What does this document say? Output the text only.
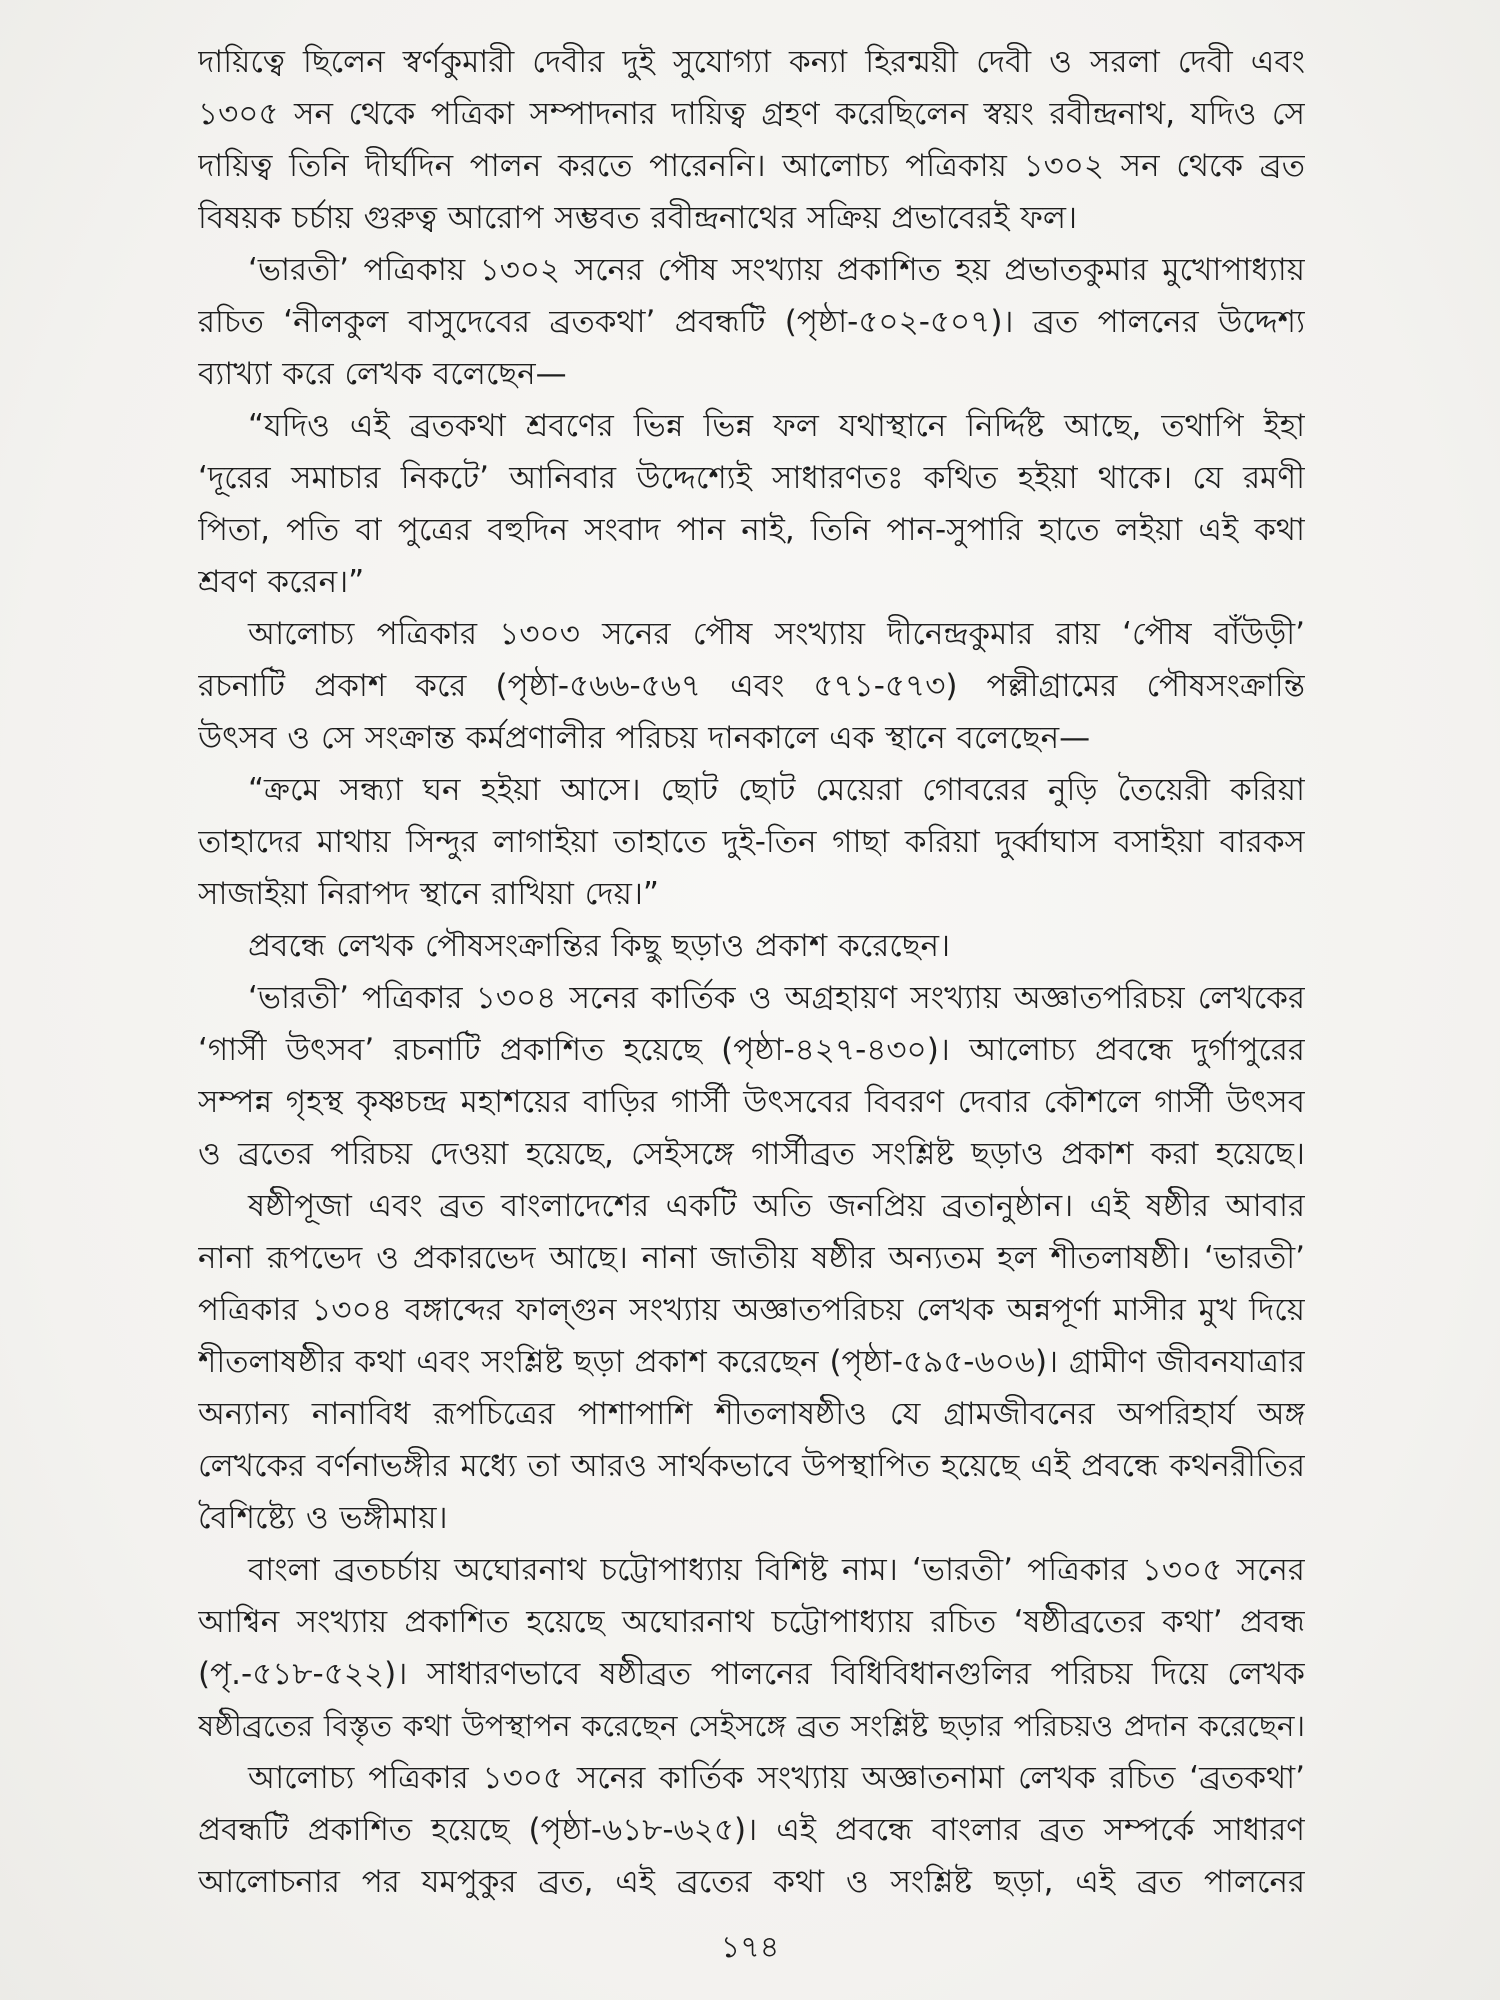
দায়িত্বে ছিলেন স্বর্ণকুমারী দেবীর দুই সুযোগ্যা কন্যা হিরন্ময়ী দেবী ও সরলা দেবী এবং
১৩০৫ সন থেকে পত্রিকা সম্পাদনার দায়িত্ব গ্রহণ করেছিলেন স্বয়ং রবীন্দ্রনাথ, যদিও সে
দায়িত্ব তিনি দীর্ঘদিন পালন করতে পারেননি। আলোচ্য পত্রিকায় ১৩০২ সন থেকে ব্রত
বিষয়ক চর্চায় গুরুত্ব আরোপ সম্ভবত রবীন্দ্রনাথের সক্রিয় প্রভাবেরই ফল।
‘ভারতী’ পত্রিকায় ১৩০২ সনের পৌষ সংখ্যায় প্রকাশিত হয় প্রভাতকুমার মুখোপাধ্যায়
রচিত ‘নীলকুল বাসুদেবের ব্রতকথা’ প্রবন্ধটি (পৃষ্ঠা-৫০২-৫০৭)। ব্রত পালনের উদ্দেশ্য
ব্যাখ্যা করে লেখক বলেছেন—
“যদিও এই ব্রতকথা শ্রবণের ভিন্ন ভিন্ন ফল যথাস্থানে নির্দ্দিষ্ট আছে, তথাপি ইহা
‘দূরের সমাচার নিকটে’ আনিবার উদ্দেশ্যেই সাধারণতঃ কথিত হইয়া থাকে। যে রমণী
পিতা, পতি বা পুত্রের বহুদিন সংবাদ পান নাই, তিনি পান-সুপারি হাতে লইয়া এই কথা
শ্রবণ করেন।”
আলোচ্য পত্রিকার ১৩০৩ সনের পৌষ সংখ্যায় দীনেন্দ্রকুমার রায় ‘পৌষ বাঁউড়ী’
রচনাটি প্রকাশ করে (পৃষ্ঠা-৫৬৬-৫৬৭ এবং ৫৭১-৫৭৩) পল্লীগ্রামের পৌষসংক্রান্তি
উৎসব ও সে সংক্রান্ত কর্মপ্রণালীর পরিচয় দানকালে এক স্থানে বলেছেন—
“ক্রমে সন্ধ্যা ঘন হইয়া আসে। ছোট ছোট মেয়েরা গোবরের নুড়ি তৈয়েরী করিয়া
তাহাদের মাথায় সিন্দুর লাগাইয়া তাহাতে দুই-তিন গাছা করিয়া দুর্ব্বাঘাস বসাইয়া বারকস
সাজাইয়া নিরাপদ স্থানে রাখিয়া দেয়।”
প্রবন্ধে লেখক পৌষসংক্রান্তির কিছু ছড়াও প্রকাশ করেছেন।
‘ভারতী’ পত্রিকার ১৩০৪ সনের কার্তিক ও অগ্রহায়ণ সংখ্যায় অজ্ঞাতপরিচয় লেখকের
‘গার্সী উৎসব’ রচনাটি প্রকাশিত হয়েছে (পৃষ্ঠা-৪২৭-৪৩০)। আলোচ্য প্রবন্ধে দুর্গাপুরের
সম্পন্ন গৃহস্থ কৃষ্ণচন্দ্র মহাশয়ের বাড়ির গার্সী উৎসবের বিবরণ দেবার কৌশলে গার্সী উৎসব
ও ব্রতের পরিচয় দেওয়া হয়েছে, সেইসঙ্গে গার্সীব্রত সংশ্লিষ্ট ছড়াও প্রকাশ করা হয়েছে।
ষষ্ঠীপূজা এবং ব্রত বাংলাদেশের একটি অতি জনপ্রিয় ব্রতানুষ্ঠান। এই ষষ্ঠীর আবার
নানা রূপভেদ ও প্রকারভেদ আছে। নানা জাতীয় ষষ্ঠীর অন্যতম হল শীতলাষষ্ঠী। ‘ভারতী’
পত্রিকার ১৩০৪ বঙ্গাব্দের ফাল্গুন সংখ্যায় অজ্ঞাতপরিচয় লেখক অন্নপূর্ণা মাসীর মুখ দিয়ে
শীতলাষষ্ঠীর কথা এবং সংশ্লিষ্ট ছড়া প্রকাশ করেছেন (পৃষ্ঠা-৫৯৫-৬০৬)। গ্রামীণ জীবনযাত্রার
অন্যান্য নানাবিধ রূপচিত্রের পাশাপাশি শীতলাষষ্ঠীও যে গ্রামজীবনের অপরিহার্য অঙ্গ
লেখকের বর্ণনাভঙ্গীর মধ্যে তা আরও সার্থকভাবে উপস্থাপিত হয়েছে এই প্রবন্ধে কথনরীতির
বৈশিষ্ট্যে ও ভঙ্গীমায়।
বাংলা ব্রতচর্চায় অঘোরনাথ চট্টোপাধ্যায় বিশিষ্ট নাম। ‘ভারতী’ পত্রিকার ১৩০৫ সনের
আশ্বিন সংখ্যায় প্রকাশিত হয়েছে অঘোরনাথ চট্টোপাধ্যায় রচিত ‘ষষ্ঠীব্রতের কথা’ প্রবন্ধ
(পৃ.-৫১৮-৫২২)। সাধারণভাবে ষষ্ঠীব্রত পালনের বিধিবিধানগুলির পরিচয় দিয়ে লেখক
ষষ্ঠীব্রতের বিস্তৃত কথা উপস্থাপন করেছেন সেইসঙ্গে ব্রত সংশ্লিষ্ট ছড়ার পরিচয়ও প্রদান করেছেন।
আলোচ্য পত্রিকার ১৩০৫ সনের কার্তিক সংখ্যায় অজ্ঞাতনামা লেখক রচিত ‘ব্রতকথা’
প্রবন্ধটি প্রকাশিত হয়েছে (পৃষ্ঠা-৬১৮-৬২৫)। এই প্রবন্ধে বাংলার ব্রত সম্পর্কে সাধারণ
আলোচনার পর যমপুকুর ব্রত, এই ব্রতের কথা ও সংশ্লিষ্ট ছড়া, এই ব্রত পালনের
১৭৪
